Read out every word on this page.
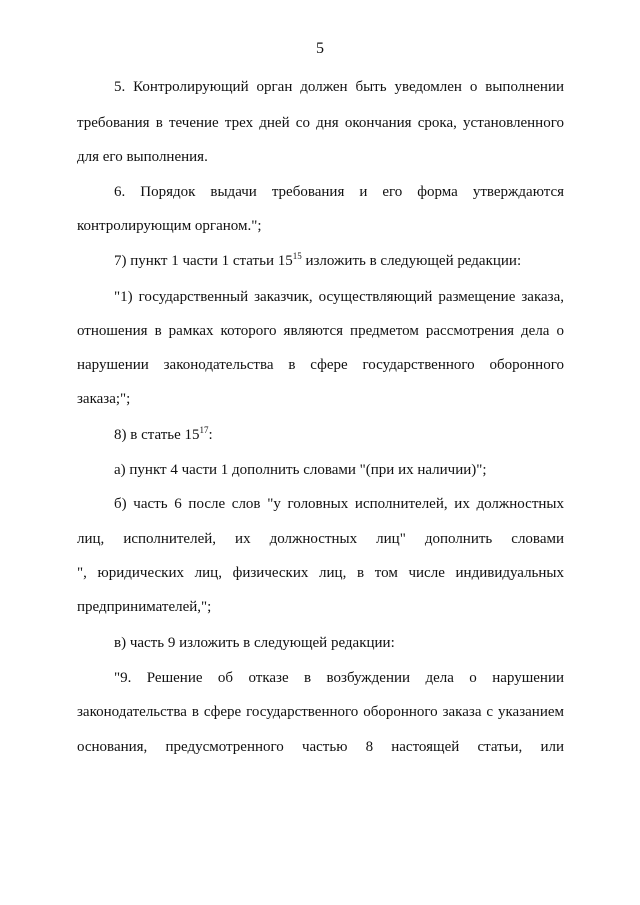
5
5. Контролирующий орган должен быть уведомлен о выполнении
требования в течение трех дней со дня окончания срока, установленного
для его выполнения.
6. Порядок выдачи требования и его форма утверждаются
контролирующим органом.";
7) пункт 1 части 1 статьи $15^{15}$ изложить в следующей редакции:
"1) государственный заказчик, осуществляющий размещение заказа,
отношения в рамках которого являются предметом рассмотрения дела о
нарушении законодательства в сфере государственного оборонного
заказа;";
8) в статье $15^{17}$:
а) пункт 4 части 1 дополнить словами "(при их наличии)";
б) часть 6 после слов "у головных исполнителей, их должностных
лиц, исполнителей, их должностных лиц" дополнить словами
", юридических лиц, физических лиц, в том числе индивидуальных
предпринимателей,";
в) часть 9 изложить в следующей редакции:
"9. Решение об отказе в возбуждении дела о нарушении
законодательства в сфере государственного оборонного заказа с указанием
основания, предусмотренного частью 8 настоящей статьи, или
